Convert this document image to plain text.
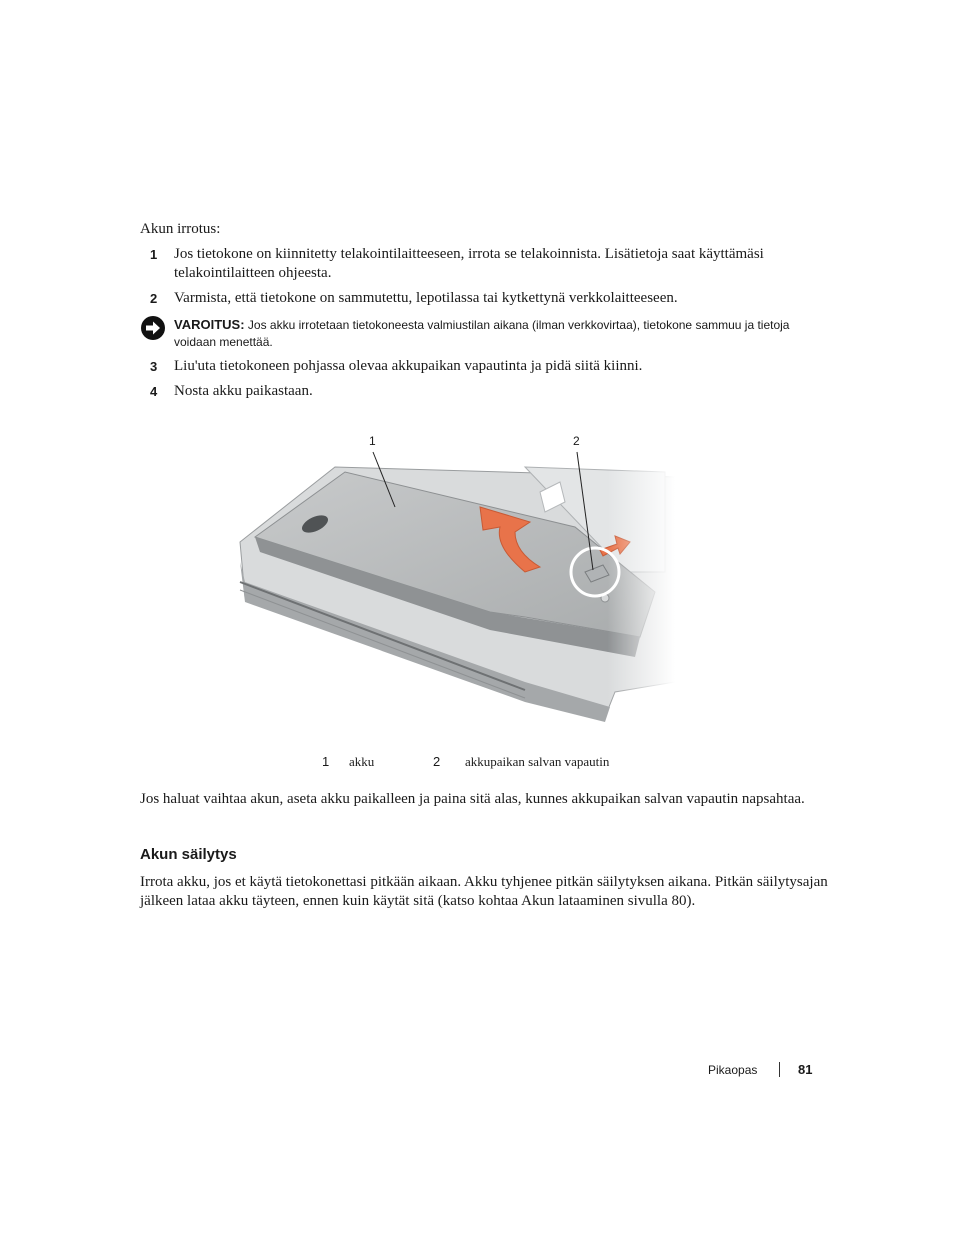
Akun irrotus:
1 Jos tietokone on kiinnitetty telakointilaitteeseen, irrota se telakoinnista. Lisätietoja saat käyttämäsi telakointilaitteen ohjeesta.
2 Varmista, että tietokone on sammutettu, lepotilassa tai kytkettynä verkkolaitteeseen.
VAROITUS: Jos akku irrotetaan tietokoneesta valmiustilan aikana (ilman verkkovirtaa), tietokone sammuu ja tietoja voidaan menettää.
3 Liu'uta tietokoneen pohjassa olevaa akkupaikan vapautinta ja pidä siitä kiinni.
4 Nosta akku paikastaan.
1 akku	2 akkupaikan salvan vapautin
Jos haluat vaihtaa akun, aseta akku paikalleen ja paina sitä alas, kunnes akkupaikan salvan vapautin napsahtaa.
Akun säilytys
Irrota akku, jos et käytä tietokonettasi pitkään aikaan. Akku tyhjenee pitkän säilytyksen aikana. Pitkän säilytysajan jälkeen lataa akku täyteen, ennen kuin käytät sitä (katso kohtaa Akun lataaminen sivulla 80).
Pikaopas	81
